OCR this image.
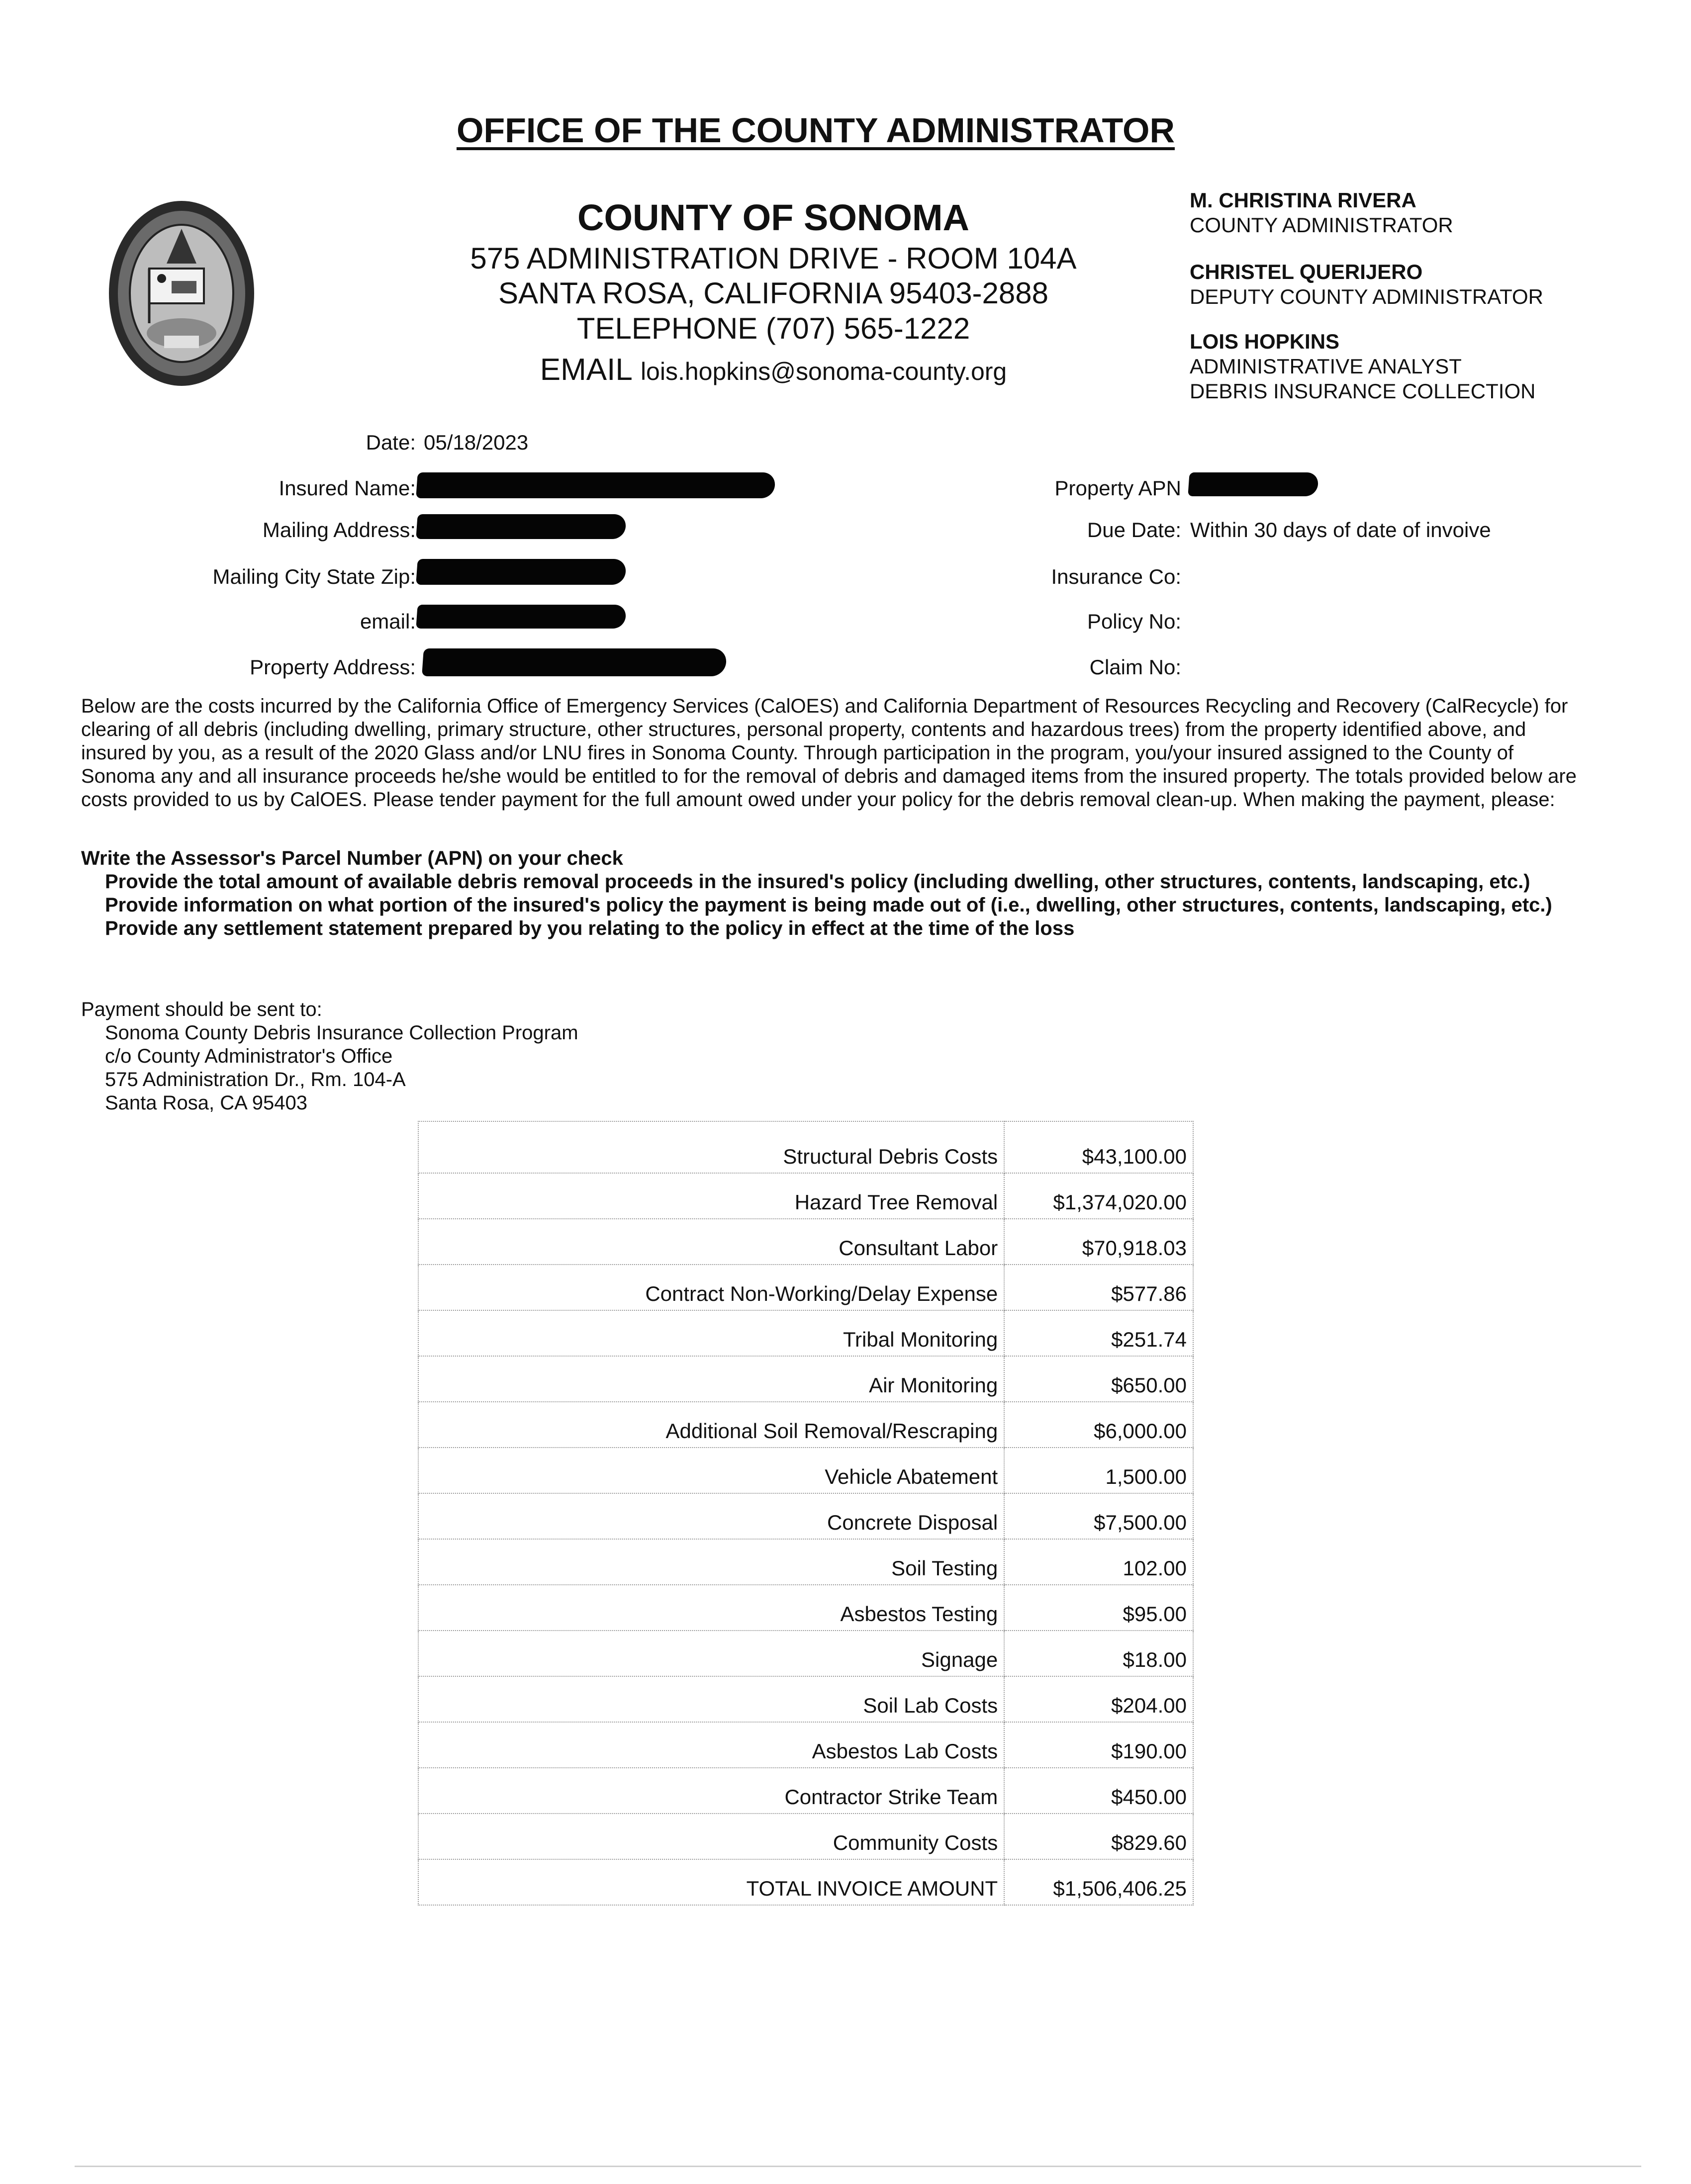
OFFICE OF THE COUNTY ADMINISTRATOR
COUNTY OF SONOMA
575 ADMINISTRATION DRIVE - ROOM 104A
SANTA ROSA, CALIFORNIA 95403-2888
TELEPHONE (707) 565-1222
EMAIL lois.hopkins@sonoma-county.org
M. CHRISTINA RIVERA
COUNTY ADMINISTRATOR
CHRISTEL QUERIJERO
DEPUTY COUNTY ADMINISTRATOR
LOIS HOPKINS
ADMINISTRATIVE ANALYST
DEBRIS INSURANCE COLLECTION
Date: 05/18/2023
Insured Name:
Mailing Address:
Mailing City State Zip:
email:
Property Address:
Property APN
Due Date: Within 30 days of date of invoive
Insurance Co:
Policy No:
Claim No:
Below are the costs incurred by the California Office of Emergency Services (CalOES) and California Department of Resources Recycling and Recovery (CalRecycle) for clearing of all debris (including dwelling, primary structure, other structures, personal property, contents and hazardous trees) from the property identified above, and insured by you, as a result of the 2020 Glass and/or LNU fires in Sonoma County. Through participation in the program, you/your insured assigned to the County of Sonoma any and all insurance proceeds he/she would be entitled to for the removal of debris and damaged items from the insured property. The totals provided below are costs provided to us by CalOES. Please tender payment for the full amount owed under your policy for the debris removal clean-up. When making the payment, please:
Write the Assessor's Parcel Number (APN) on your check
Provide the total amount of available debris removal proceeds in the insured's policy (including dwelling, other structures, contents, landscaping, etc.)
Provide information on what portion of the insured's policy the payment is being made out of (i.e., dwelling, other structures, contents, landscaping, etc.)
Provide any settlement statement prepared by you relating to the policy in effect at the time of the loss
Payment should be sent to:
Sonoma County Debris Insurance Collection Program
c/o County Administrator's Office
575 Administration Dr., Rm. 104-A
Santa Rosa, CA 95403
Structural Debris Costs	$43,100.00
Hazard Tree Removal	$1,374,020.00
Consultant Labor	$70,918.03
Contract Non-Working/Delay Expense	$577.86
Tribal Monitoring	$251.74
Air Monitoring	$650.00
Additional Soil Removal/Rescraping	$6,000.00
Vehicle Abatement	1,500.00
Concrete Disposal	$7,500.00
Soil Testing	102.00
Asbestos Testing	$95.00
Signage	$18.00
Soil Lab Costs	$204.00
Asbestos Lab Costs	$190.00
Contractor Strike Team	$450.00
Community Costs	$829.60
TOTAL INVOICE AMOUNT	$1,506,406.25
